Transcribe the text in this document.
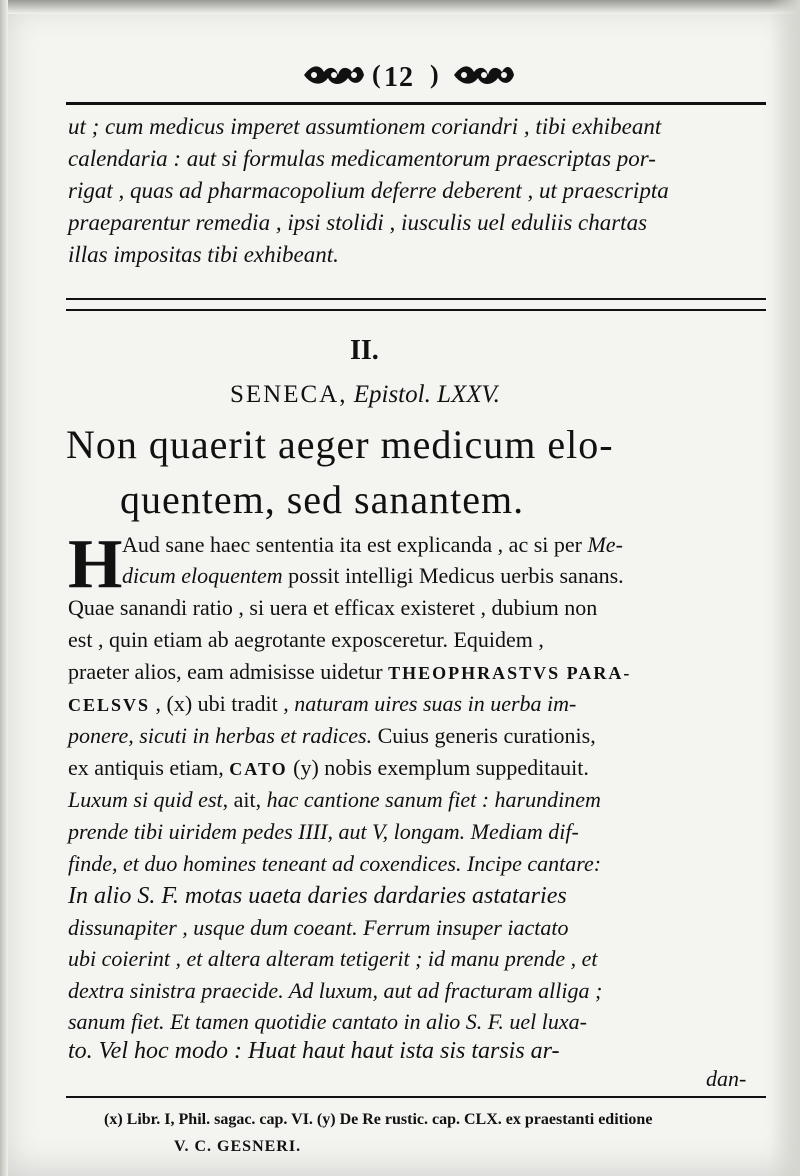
( 12 )
ut ; cum medicus imperet assumtionem coriandri , tibi exhibeant
calendaria : aut si formulas medicamentorum praescriptas por-
rigat , quas ad pharmacopolium deferre deberent , ut praescripta
praeparentur remedia , ipsi stolidi , iusculis uel eduliis chartas
illas impositas tibi exhibeant.
II.
SENECA, Epistol. LXXV.
Non quaerit aeger medicum elo-
quentem, sed sanantem.
H Aud sane haec sententia ita est explicanda , ac si per Me-
dicum eloquentem possit intelligi Medicus uerbis sanans.
Quae sanandi ratio , si uera et efficax existeret , dubium non
est , quin etiam ab aegrotante exposceretur. Equidem ,
praeter alios, eam admisisse uidetur THEOPHRASTVS PARA-
CELSVS , (x) ubi tradit , naturam uires suas in uerba im-
ponere, sicuti in herbas et radices. Cuius generis curationis,
ex antiquis etiam, CATO (y) nobis exemplum suppeditauit.
Luxum si quid est, ait, hac cantione sanum fiet : harundinem
prende tibi uiridem pedes IIII, aut V, longam. Mediam dif-
finde, et duo homines teneant ad coxendices. Incipe cantare:
In alio S. F. motas uaeta daries dardaries astataries
dissunapiter , usque dum coeant. Ferrum insuper iactato
ubi coierint , et altera alteram tetigerit ; id manu prende , et
dextra sinistra praecide. Ad luxum, aut ad fracturam alliga ;
sanum fiet. Et tamen quotidie cantato in alio S. F. uel luxa-
to. Vel hoc modo : Huat haut haut ista sis tarsis ar-
dan-
(x) Libr. I, Phil. sagac. cap. VI. (y) De Re rustic. cap. CLX. ex praestanti editione
V. C. GESNERI.
